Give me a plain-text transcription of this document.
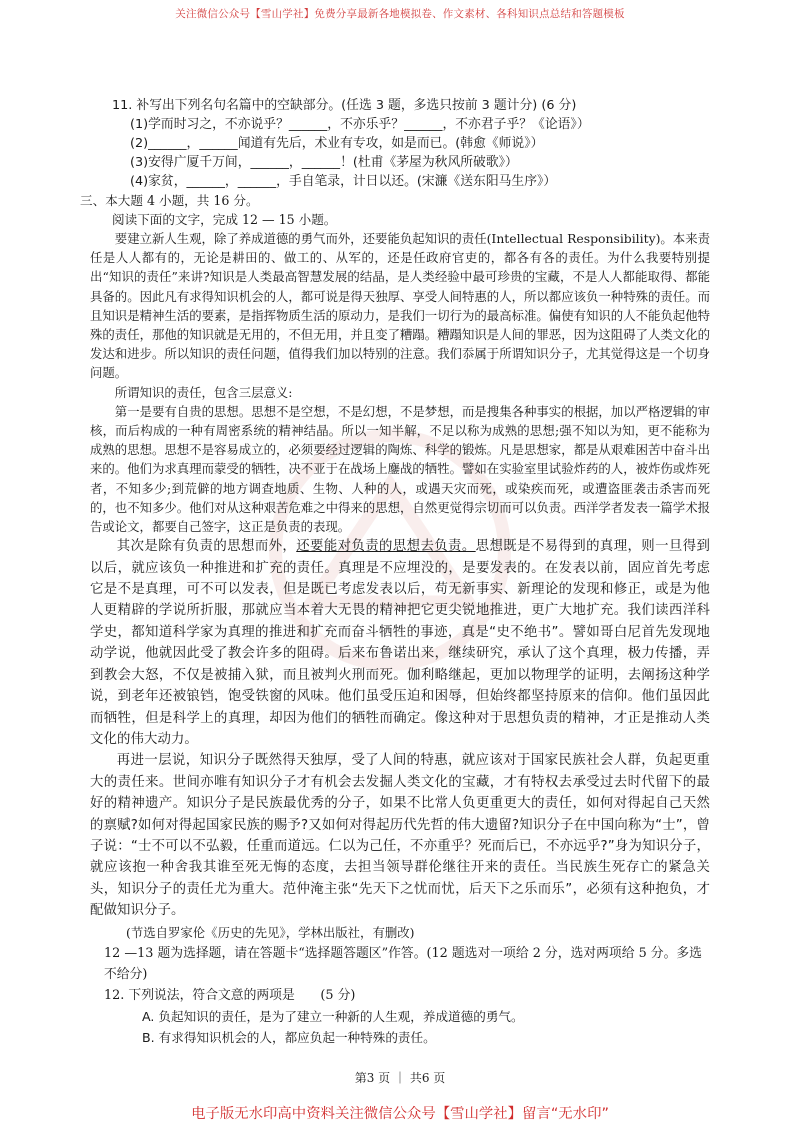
关注微信公众号【雪山学社】免费分享最新各地模拟卷、作文素材、各科知识点总结和答题模板
11. 补写出下列名句名篇中的空缺部分。(任选 3 题，多选只按前 3 题计分) (6 分)
(1)学而时习之，不亦说乎？______，不亦乐乎？______，不亦君子乎？《论语》）
(2)______，______闻道有先后，术业有专攻，如是而已。(韩愈《师说》）
(3)安得广厦千万间，______，______！(杜甫《茅屋为秋风所破歌》）
(4)家贫，______，______，手自笔录，计日以还。(宋濂《送东阳马生序》）
三、本大题 4 小题，共 16 分。
阅读下面的文字，完成 12 — 15 小题。

要建立新人生观，除了养成道德的勇气而外，还要能负起知识的责任(Intellectual Responsibility)。本来责任是人人都有的，无论是耕田的、做工的、从军的，还是任政府官吏的，都各有各的责任。为什么我要特别提出“知识的责任”来讲?知识是人类最高智慧发展的结晶，是人类经验中最可珍贵的宝藏，不是人人都能取得、都能具备的。因此凡有求得知识机会的人，都可说是得天独厚、享受人间特惠的人，所以都应该负一种特殊的责任。而且知识是精神生活的要素，是指挥物质生活的原动力，是我们一切行为的最高标准。偏使有知识的人不能负起他特殊的责任，那他的知识就是无用的，不但无用，并且变了糟蹋。糟蹋知识是人间的罪恶，因为这阻碍了人类文化的发达和进步。所以知识的责任问题，值得我们加以特别的注意。我们忝属于所谓知识分子，尤其觉得这是一个切身问题。

所谓知识的责任，包含三层意义:

第一是要有自贵的思想。思想不是空想，不是幻想，不是梦想，而是搜集各种事实的根据，加以严格逻辑的审核，而后构成的一种有周密系统的精神结晶。所以一知半解，不足以称为成熟的思想;强不知以为知，更不能称为成熟的思想。思想不是容易成立的，必须要经过逻辑的陶炼、科学的锻炼。凡是思想家，都是从艰难困苦中奋斗出来的。他们为求真理而蒙受的牺牲，决不亚于在战场上鏖战的牺牲。譬如在实验室里试验炸药的人，被炸伤或炸死者，不知多少;到荒僻的地方调查地质、生物、人种的人，或遇天灾而死，或染疾而死，或遭盗匪袭击杀害而死的，也不知多少。他们对从这种艰苦危难之中得来的思想，自然更觉得宗切而可以负责。西洋学者发表一篇学术报告或论文，都要自己签字，这正是负责的表现。

其次是除有负责的思想而外，还要能对负责的思想去负责。思想既是不易得到的真理，则一旦得到以后，就应该负一种推进和扩充的责任。真理是不应埋没的，是要发表的。在发表以前，固应首先考虑它是不是真理，可不可以发表，但是既已考虑发表以后，苟无新事实、新理论的发现和修正，或是为他人更精辟的学说所折服，那就应当本着大无畏的精神把它更尖锐地推进，更广大地扩充。我们读西洋科学史，都知道科学家为真理的推进和扩充而奋斗牺牲的事迹，真是“史不绝书”。譬如哥白尼首先发现地动学说，他就因此受了教会许多的阻碍。后来布鲁诺出来，继续研究，承认了这个真理，极力传播，弄到教会大怒，不仅是被捕入狱，而且被判火刑而死。伽利略继起，更加以物理学的证明，去阐扬这种学说，到老年还被锒铛，饱受铁窗的风味。他们虽受压迫和困辱，但始终都坚持原来的信仰。他们虽因此而牺牲，但是科学上的真理，却因为他们的牺牲而确定。像这种对于思想负责的精神，才正是推动人类文化的伟大动力。

再进一层说，知识分子既然得天独厚，受了人间的特惠，就应该对于国家民族社会人群，负起更重大的责任来。世间亦唯有知识分子才有机会去发掘人类文化的宝藏，才有特权去承受过去时代留下的最好的精神遗产。知识分子是民族最优秀的分子，如果不比常人负更重更大的责任，如何对得起自己天然的禀赋?如何对得起国家民族的赐予?又如何对得起历代先哲的伟大遗留?知识分子在中国向称为“士”，曾子说：“士不可以不弘毅，任重而道远。仁以为己任，不亦重乎？死而后已，不亦远乎?”身为知识分子，就应该抱一种舍我其谁至死无悔的态度，去担当领导群伦继往开来的责任。当民族生死存亡的紧急关头，知识分子的责任尤为重大。范仲淹主张“先天下之忧而忧，后天下之乐而乐”，必须有这种抱负，才配做知识分子。

(节选自罗家伦《历史的先见》，学林出版社，有删改)
12 —13 题为选择题，请在答题卡“选择题答题区”作答。(12 题选对一项给 2 分，选对两项给 5 分。多选不给分)
12. 下列说法，符合文意的两项是　　(5 分)
A. 负起知识的责任，是为了建立一种新的人生观，养成道德的勇气。
B. 有求得知识机会的人，都应负起一种特殊的责任。
第3 页 ｜ 共6 页
电子版无水印高中资料关注微信公众号【雪山学社】留言“无水印”
